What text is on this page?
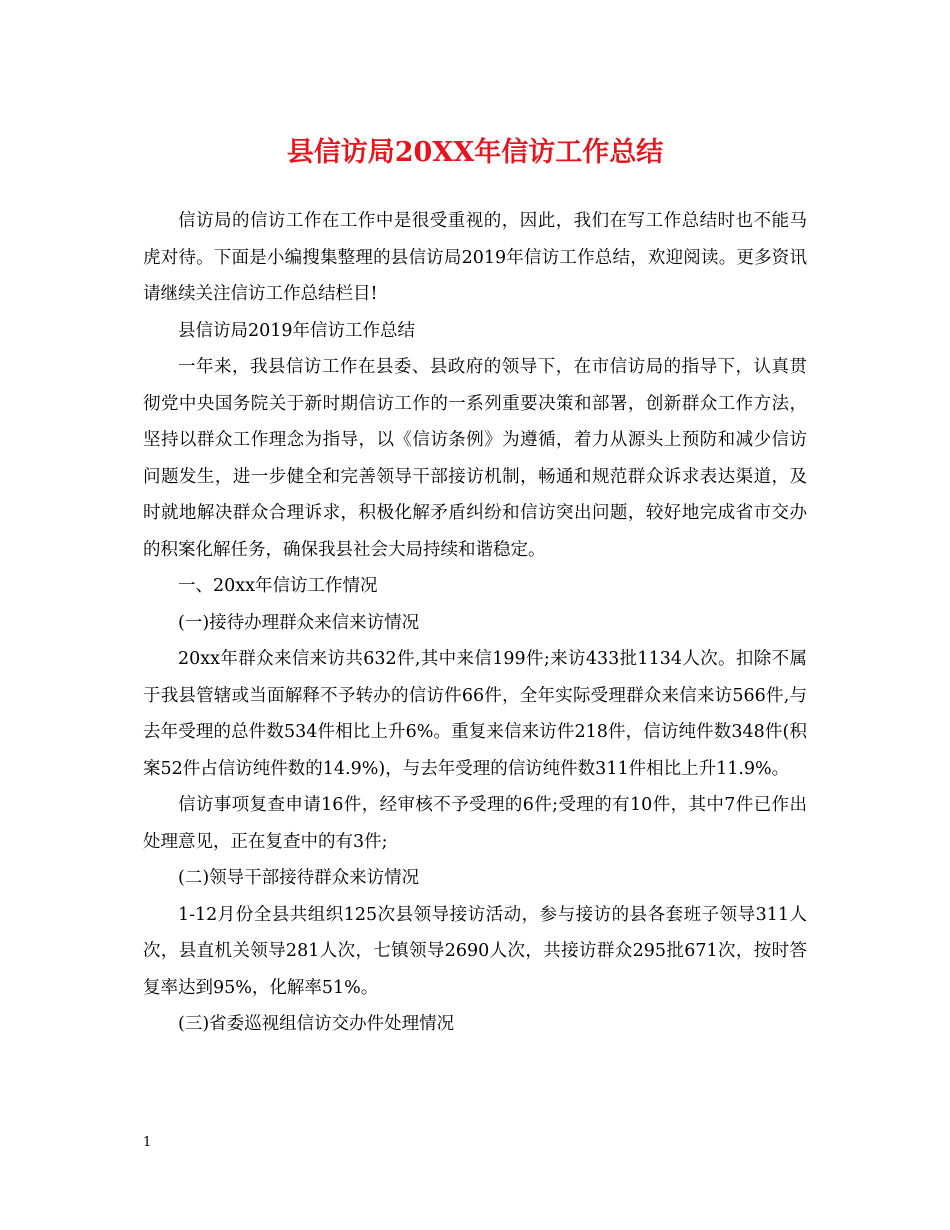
县信访局20XX年信访工作总结

信访局的信访工作在工作中是很受重视的，因此，我们在写工作总结时也不能马虎对待。下面是小编搜集整理的县信访局2019年信访工作总结，欢迎阅读。更多资讯请继续关注信访工作总结栏目!

县信访局2019年信访工作总结

一年来，我县信访工作在县委、县政府的领导下，在市信访局的指导下，认真贯彻党中央国务院关于新时期信访工作的一系列重要决策和部署，创新群众工作方法，坚持以群众工作理念为指导，以《信访条例》为遵循，着力从源头上预防和减少信访问题发生，进一步健全和完善领导干部接访机制，畅通和规范群众诉求表达渠道，及时就地解决群众合理诉求，积极化解矛盾纠纷和信访突出问题，较好地完成省市交办的积案化解任务，确保我县社会大局持续和谐稳定。

一、20xx年信访工作情况

(一)接待办理群众来信来访情况

20xx年群众来信来访共632件,其中来信199件;来访433批1134人次。扣除不属于我县管辖或当面解释不予转办的信访件66件，全年实际受理群众来信来访566件,与去年受理的总件数534件相比上升6%。重复来信来访件218件，信访纯件数348件(积案52件占信访纯件数的14.9%)，与去年受理的信访纯件数311件相比上升11.9%。

信访事项复查申请16件，经审核不予受理的6件;受理的有10件，其中7件已作出处理意见，正在复查中的有3件;

(二)领导干部接待群众来访情况

1-12月份全县共组织125次县领导接访活动，参与接访的县各套班子领导311人次，县直机关领导281人次，七镇领导2690人次，共接访群众295批671次，按时答复率达到95%，化解率51%。

(三)省委巡视组信访交办件处理情况

1
